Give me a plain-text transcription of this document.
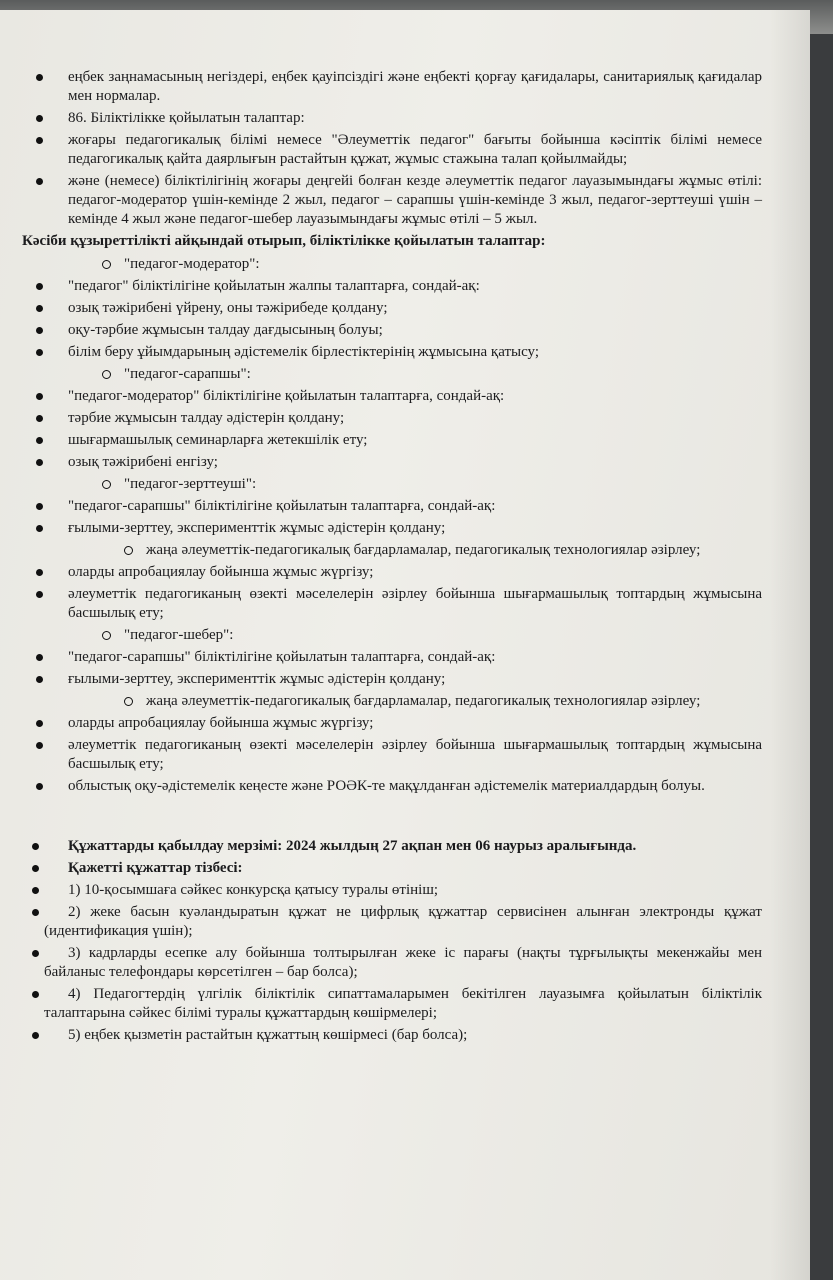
еңбек заңнамасының негіздері, еңбек қауіпсіздігі және еңбекті қорғау қағидалары, санитариялық қағидалар мен нормалар.
86. Біліктілікке қойылатын талаптар:
жоғары педагогикалық білімі немесе "Әлеуметтік педагог" бағыты бойынша кәсіптік білімі немесе педагогикалық қайта даярлығын растайтын құжат, жұмыс стажына талап қойылмайды;
және (немесе) біліктілігінің жоғары деңгейі болған кезде әлеуметтік педагог лауазымындағы жұмыс өтілі: педагог-модератор үшін-кемінде 2 жыл, педагог – сарапшы үшін-кемінде 3 жыл, педагог-зерттеуші үшін – кемінде 4 жыл және педагог-шебер лауазымындағы жұмыс өтілі – 5 жыл.
Кәсіби құзыреттілікті айқындай отырып, біліктілікке қойылатын талаптар:
"педагог-модератор":
"педагог" біліктілігіне қойылатын жалпы талаптарға, сондай-ақ:
озық тәжірибені үйрену, оны тәжірибеде қолдану;
оқу-тәрбие жұмысын талдау дағдысының болуы;
білім беру ұйымдарының әдістемелік бірлестіктерінің жұмысына қатысу;
"педагог-сарапшы":
"педагог-модератор" біліктілігіне қойылатын талаптарға, сондай-ақ:
тәрбие жұмысын талдау әдістерін қолдану;
шығармашылық семинарларға жетекшілік ету;
озық тәжірибені енгізу;
"педагог-зерттеуші":
"педагог-сарапшы" біліктілігіне қойылатын талаптарға, сондай-ақ:
ғылыми-зерттеу, эксперименттік жұмыс әдістерін қолдану;
жаңа әлеуметтік-педагогикалық бағдарламалар, педагогикалық технологиялар әзірлеу;
оларды апробациялау бойынша жұмыс жүргізу;
әлеуметтік педагогиканың өзекті мәселелерін әзірлеу бойынша шығармашылық топтардың жұмысына басшылық ету;
"педагог-шебер":
"педагог-сарапшы" біліктілігіне қойылатын талаптарға, сондай-ақ:
ғылыми-зерттеу, эксперименттік жұмыс әдістерін қолдану;
жаңа әлеуметтік-педагогикалық бағдарламалар, педагогикалық технологиялар әзірлеу;
оларды апробациялау бойынша жұмыс жүргізу;
әлеуметтік педагогиканың өзекті мәселелерін әзірлеу бойынша шығармашылық топтардың жұмысына басшылық ету;
облыстық оқу-әдістемелік кеңесте және РОӘК-те мақұлданған әдістемелік материалдардың болуы.
Құжаттарды қабылдау мерзімі: 2024 жылдың 27 ақпан мен 06 наурыз аралығында.
Қажетті құжаттар тізбесі:
1) 10-қосымшаға сәйкес конкурсқа қатысу туралы өтініш;
2) жеке басын куәландыратын құжат не цифрлық құжаттар сервисінен алынған электронды құжат (идентификация үшін);
3) кадрларды есепке алу бойынша толтырылған жеке іс парағы (нақты тұрғылықты мекенжайы мен байланыс телефондары көрсетілген – бар болса);
4) Педагогтердің үлгілік біліктілік сипаттамаларымен бекітілген лауазымға қойылатын біліктілік талаптарына сәйкес білімі туралы құжаттардың көшірмелері;
5) еңбек қызметін растайтын құжаттың көшірмесі (бар болса);
